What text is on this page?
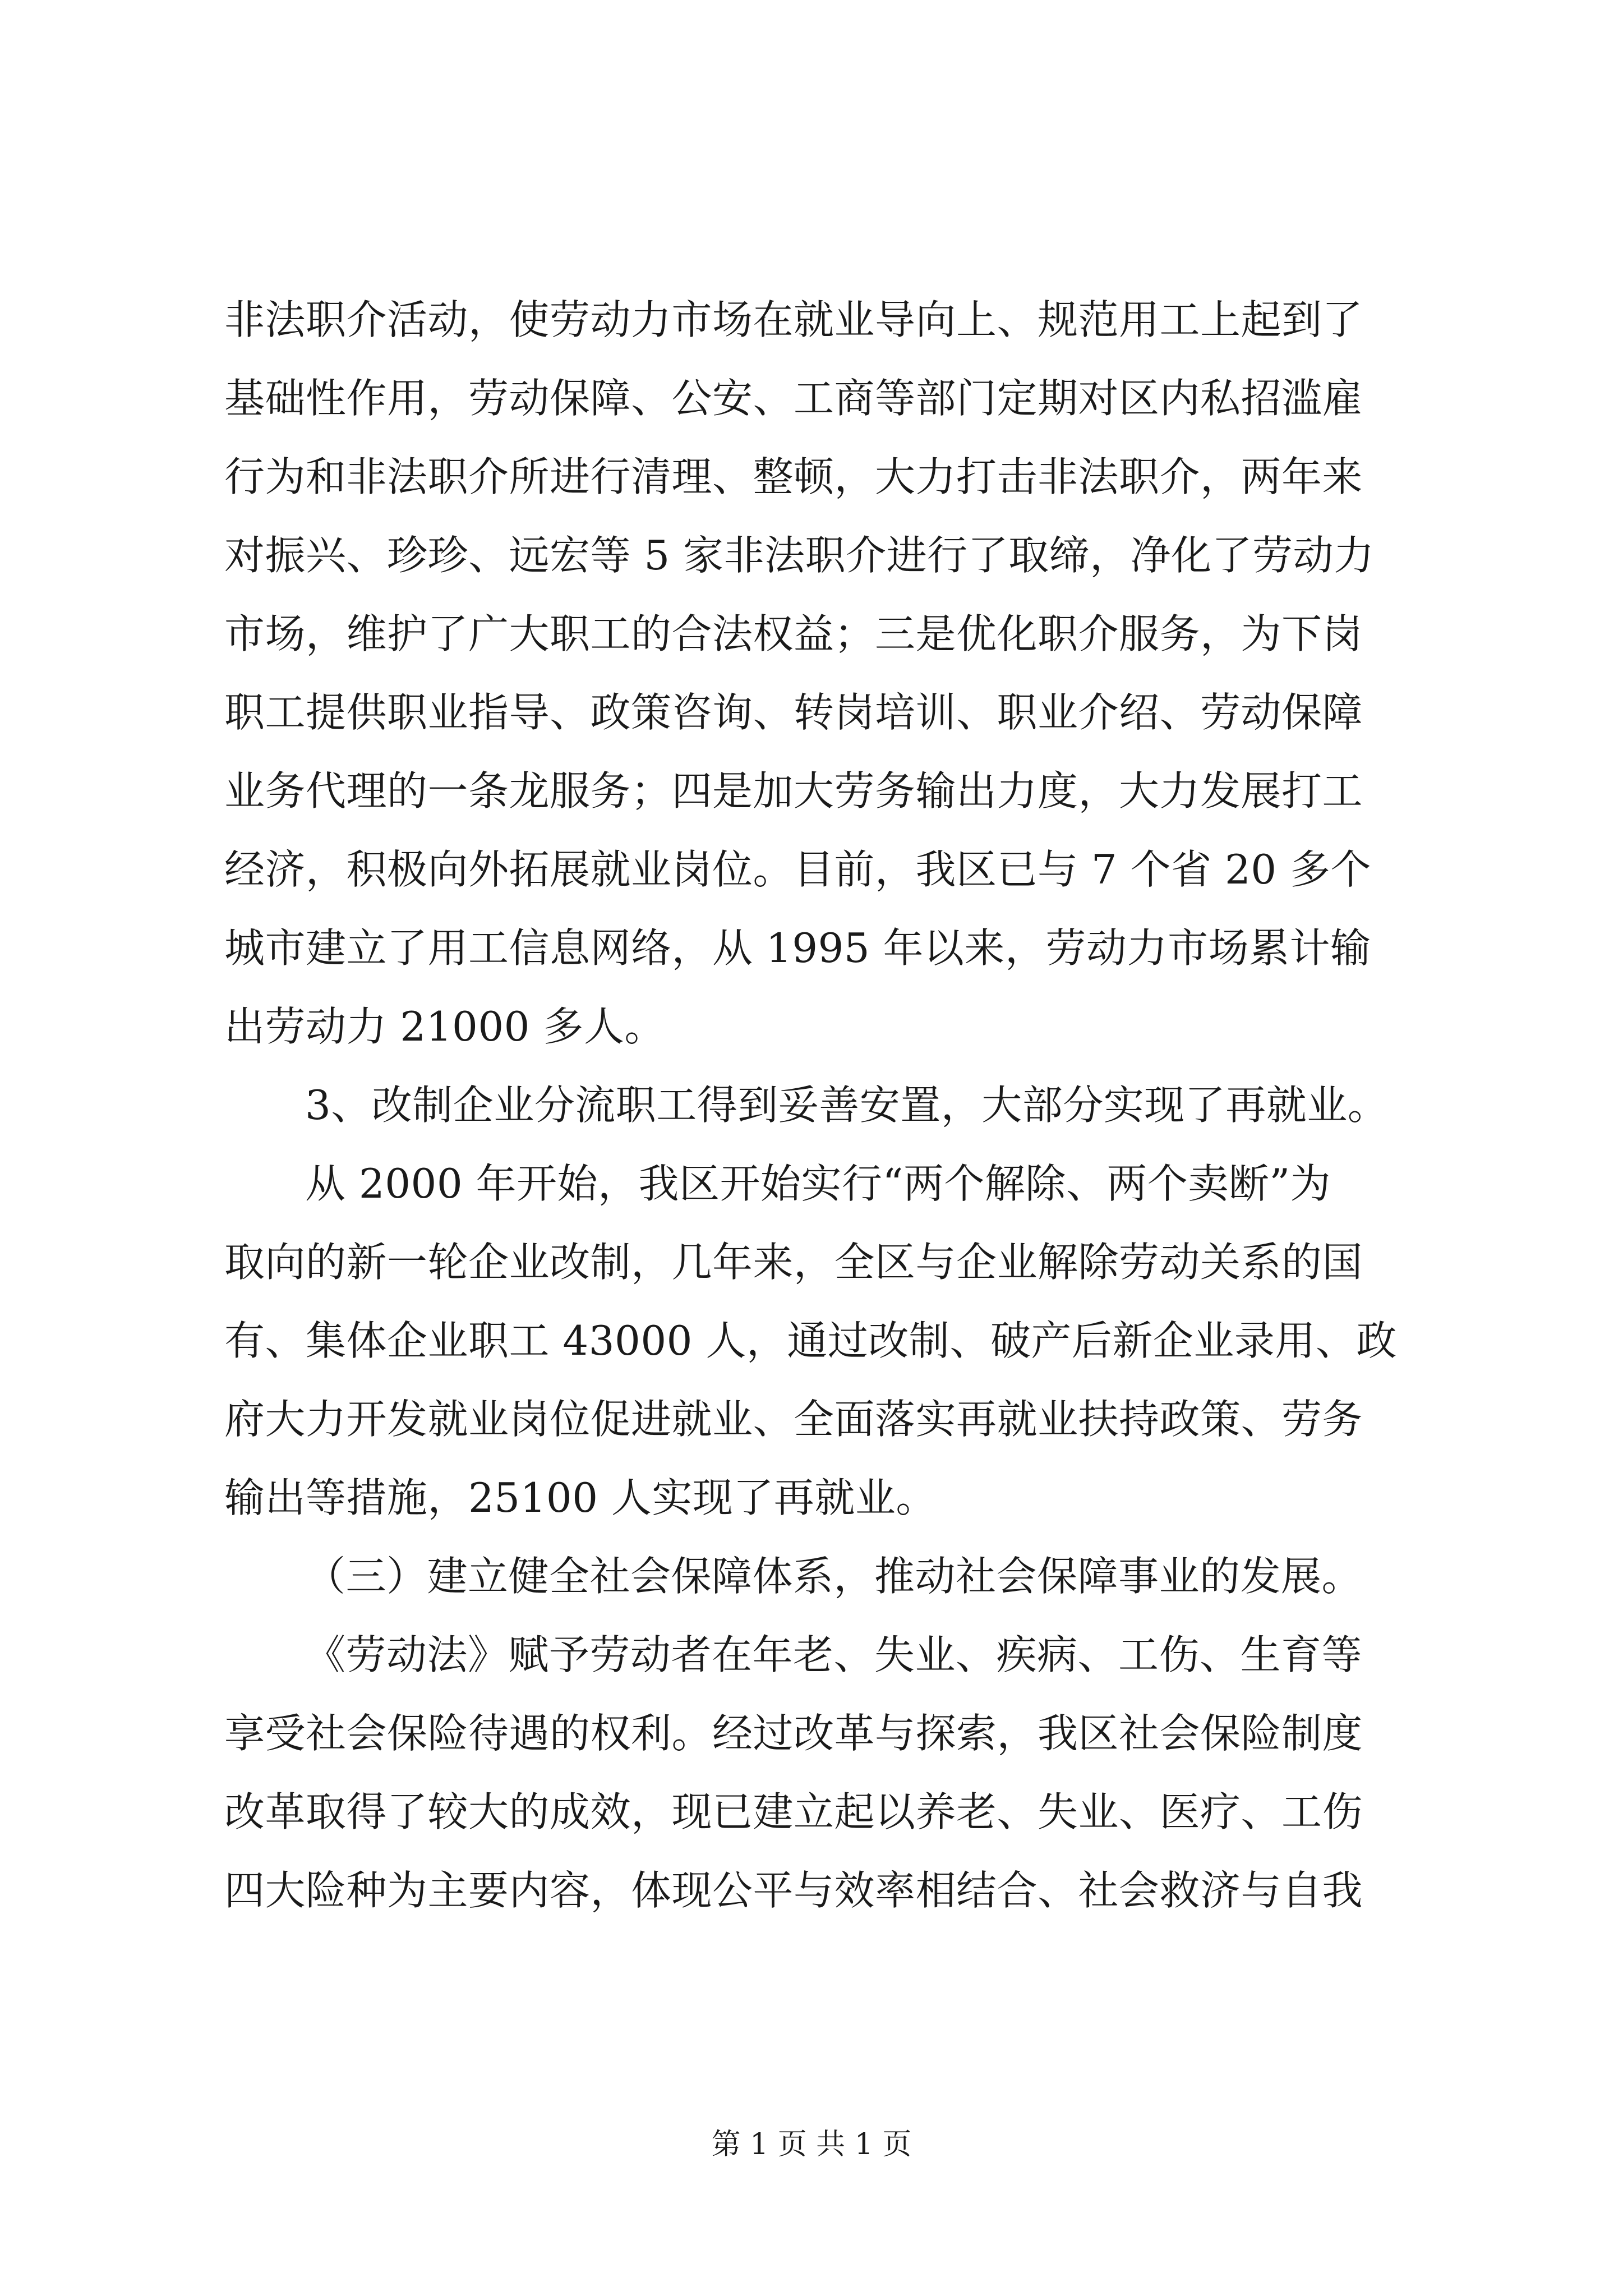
非法职介活动，使劳动力市场在就业导向上、规范用工上起到了
基础性作用，劳动保障、公安、工商等部门定期对区内私招滥雇
行为和非法职介所进行清理、整顿，大力打击非法职介，两年来
对振兴、珍珍、远宏等 5 家非法职介进行了取缔，净化了劳动力
市场，维护了广大职工的合法权益；三是优化职介服务，为下岗
职工提供职业指导、政策咨询、转岗培训、职业介绍、劳动保障
业务代理的一条龙服务；四是加大劳务输出力度，大力发展打工
经济，积极向外拓展就业岗位。目前，我区已与 7 个省 20 多个
城市建立了用工信息网络，从 1995 年以来，劳动力市场累计输
出劳动力 21000 多人。
3、改制企业分流职工得到妥善安置，大部分实现了再就业。
从 2000 年开始，我区开始实行“两个解除、两个卖断”为
取向的新一轮企业改制，几年来，全区与企业解除劳动关系的国
有、集体企业职工 43000 人，通过改制、破产后新企业录用、政
府大力开发就业岗位促进就业、全面落实再就业扶持政策、劳务
输出等措施，25100 人实现了再就业。
（三）建立健全社会保障体系，推动社会保障事业的发展。
《劳动法》赋予劳动者在年老、失业、疾病、工伤、生育等
享受社会保险待遇的权利。经过改革与探索，我区社会保险制度
改革取得了较大的成效，现已建立起以养老、失业、医疗、工伤
四大险种为主要内容，体现公平与效率相结合、社会救济与自我
第 1 页 共 1 页
